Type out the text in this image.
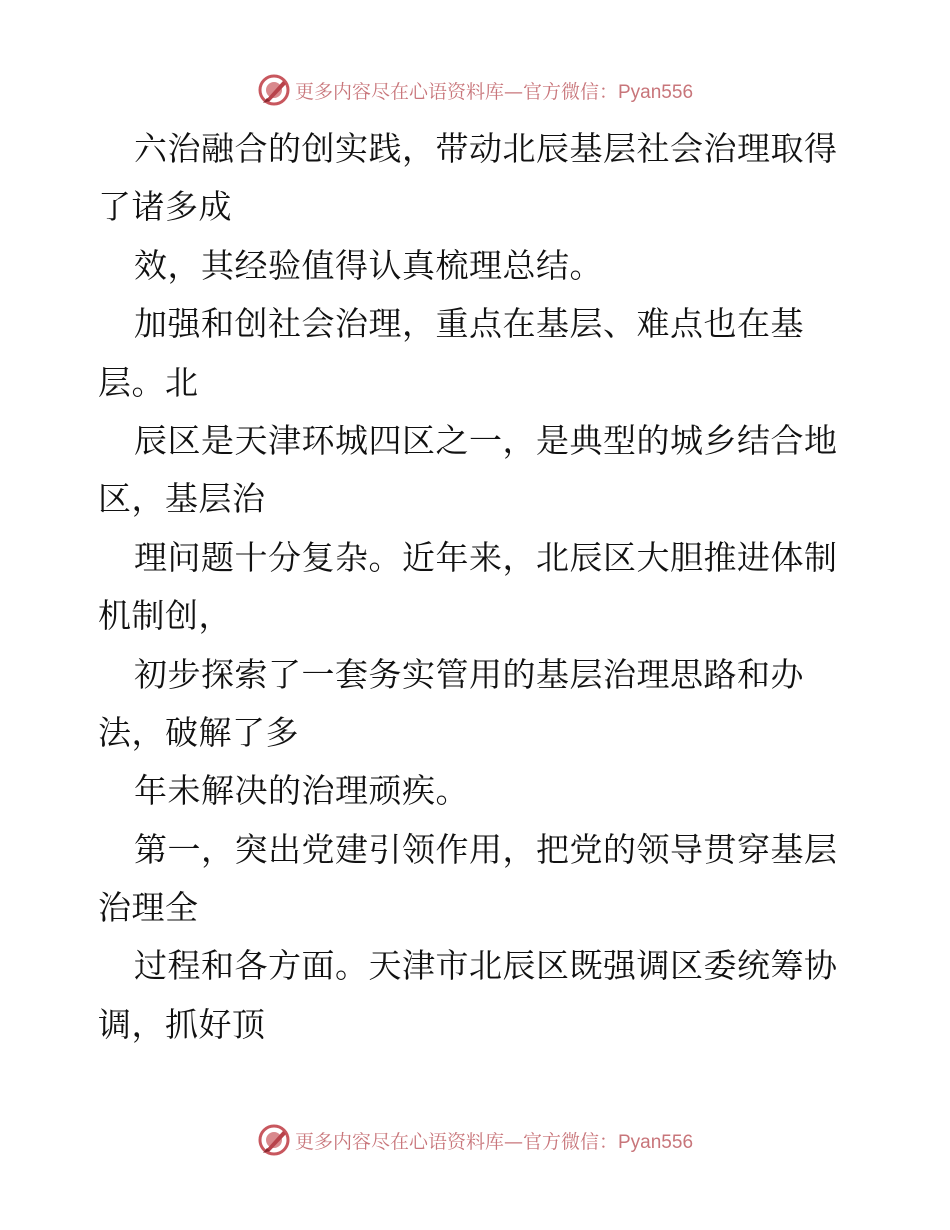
更多内容尽在心语资料库—官方微信：Pyan556
六治融合的创实践，带动北辰基层社会治理取得
了诸多成
效，其经验值得认真梳理总结。
加强和创社会治理，重点在基层、难点也在基
层。北
辰区是天津环城四区之一，是典型的城乡结合地
区，基层治
理问题十分复杂。近年来，北辰区大胆推进体制
机制创，
初步探索了一套务实管用的基层治理思路和办
法，破解了多
年未解决的治理顽疾。
第一，突出党建引领作用，把党的领导贯穿基层
治理全
过程和各方面。天津市北辰区既强调区委统筹协
调，抓好顶
更多内容尽在心语资料库—官方微信：Pyan556
